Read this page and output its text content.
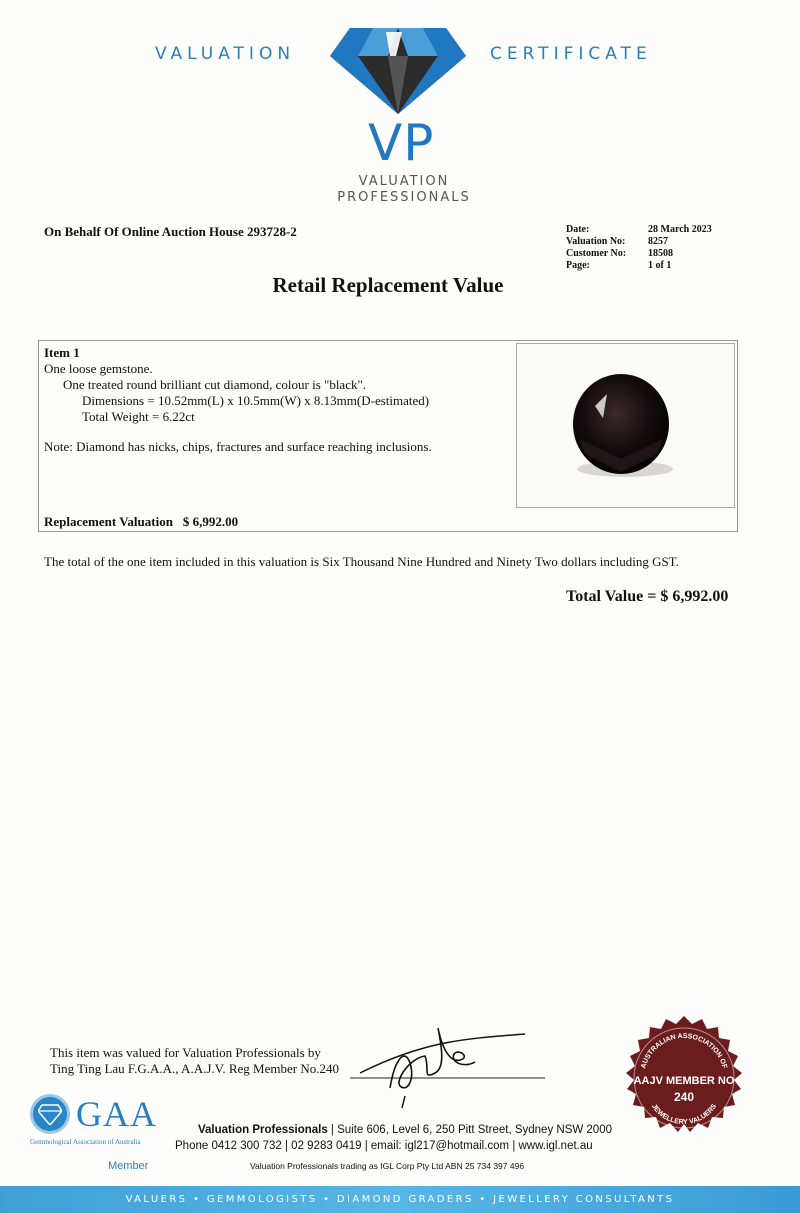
VALUATION	CERTIFICATE
VP
VALUATION
PROFESSIONALS
On Behalf Of Online Auction House 293728-2	Date:
Valuation No:
Customer No:
Page:
28 March 2023
8257
18508
1 of 1
Retail Replacement Value
Item 1
One loose gemstone.
One treated round brilliant cut diamond, colour is "black".
Dimensions = 10.52mm(L) x 10.5mm(W) x 8.13mm(D-estimated)
Total Weight = 6.22ct
Note: Diamond has nicks, chips, fractures and surface reaching inclusions.
Replacement Valuation $ 6,992.00
The total of the one item included in this valuation is Six Thousand Nine Hundred and Ninety Two dollars including GST.
Total Value = $ 6,992.00
This item was valued for Valuation Professionals by
Ting Ting Lau F.G.A.A., A.A.J.V. Reg Member No.240
GAA
Gemmological Association of Australia
Member
Valuation Professionals | Suite 606, Level 6, 250 Pitt Street, Sydney NSW 2000
Phone 0412 300 732 | 02 9283 0419 | email: igl217@hotmail.com | www.igl.net.au
Valuation Professionals trading as IGL Corp Pty Ltd ABN 25 734 397 496
AUSTRALIAN ASSOCIATION OF
JEWELLERY VALUERS
AAJV MEMBER NO
240
VALUERS • GEMMOLOGISTS • DIAMOND GRADERS • JEWELLERY CONSULTANTS
